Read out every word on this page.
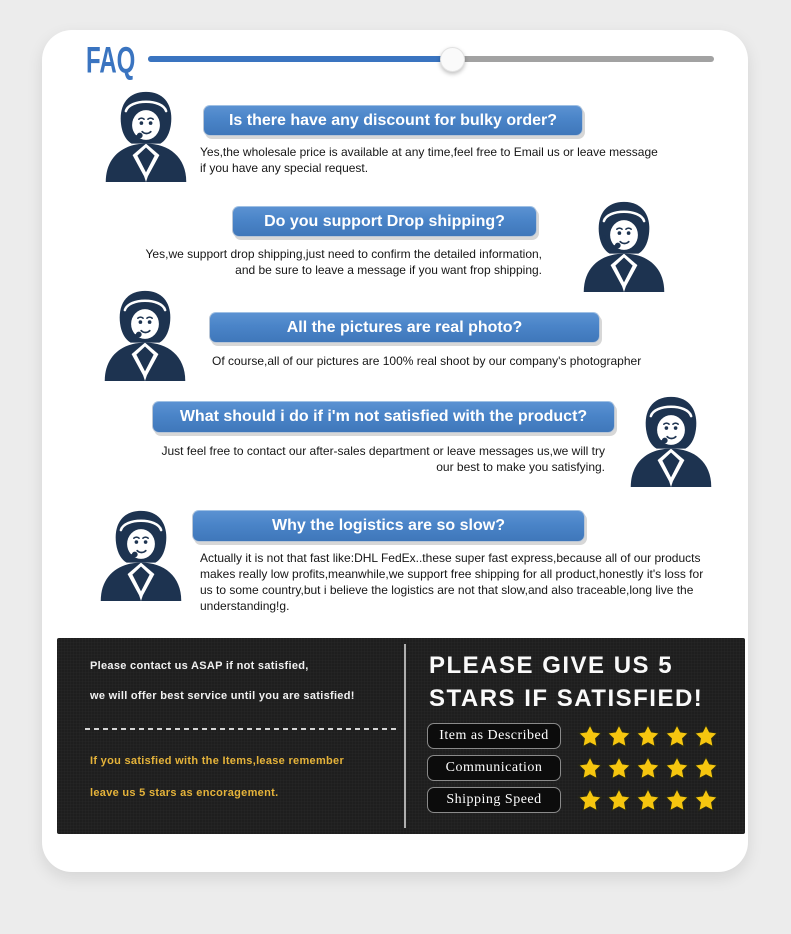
FAQ
Is there have any discount for bulky order?
Yes,the wholesale price is available at any time,feel free to Email us or leave message
if you have any special request.
Do you support Drop shipping?
Yes,we support drop shipping,just need to confirm the detailed information,
and be sure to leave a message if you want frop shipping.
All the pictures are real photo?
Of course,all of our pictures are 100% real shoot by our company's photographer
What should i do if i'm not satisfied with the product?
Just feel free to contact our after-sales department or leave messages us,we will try
our best to make you satisfying.
Why the logistics are so slow?
Actually it is not that fast like:DHL FedEx..these super fast express,because all of our products
makes really low profits,meanwhile,we support free shipping for all product,honestly it's loss for
us to some country,but i believe the logistics are not that slow,and also traceable,long live the
understanding!g.
Please contact us ASAP if not satisfied,
we will offer best service until you are satisfied!
If you satisfied with the Items,lease remember
leave us 5 stars as encoragement.
PLEASE GIVE US 5
STARS IF SATISFIED!
Item as Described
Communication
Shipping Speed
